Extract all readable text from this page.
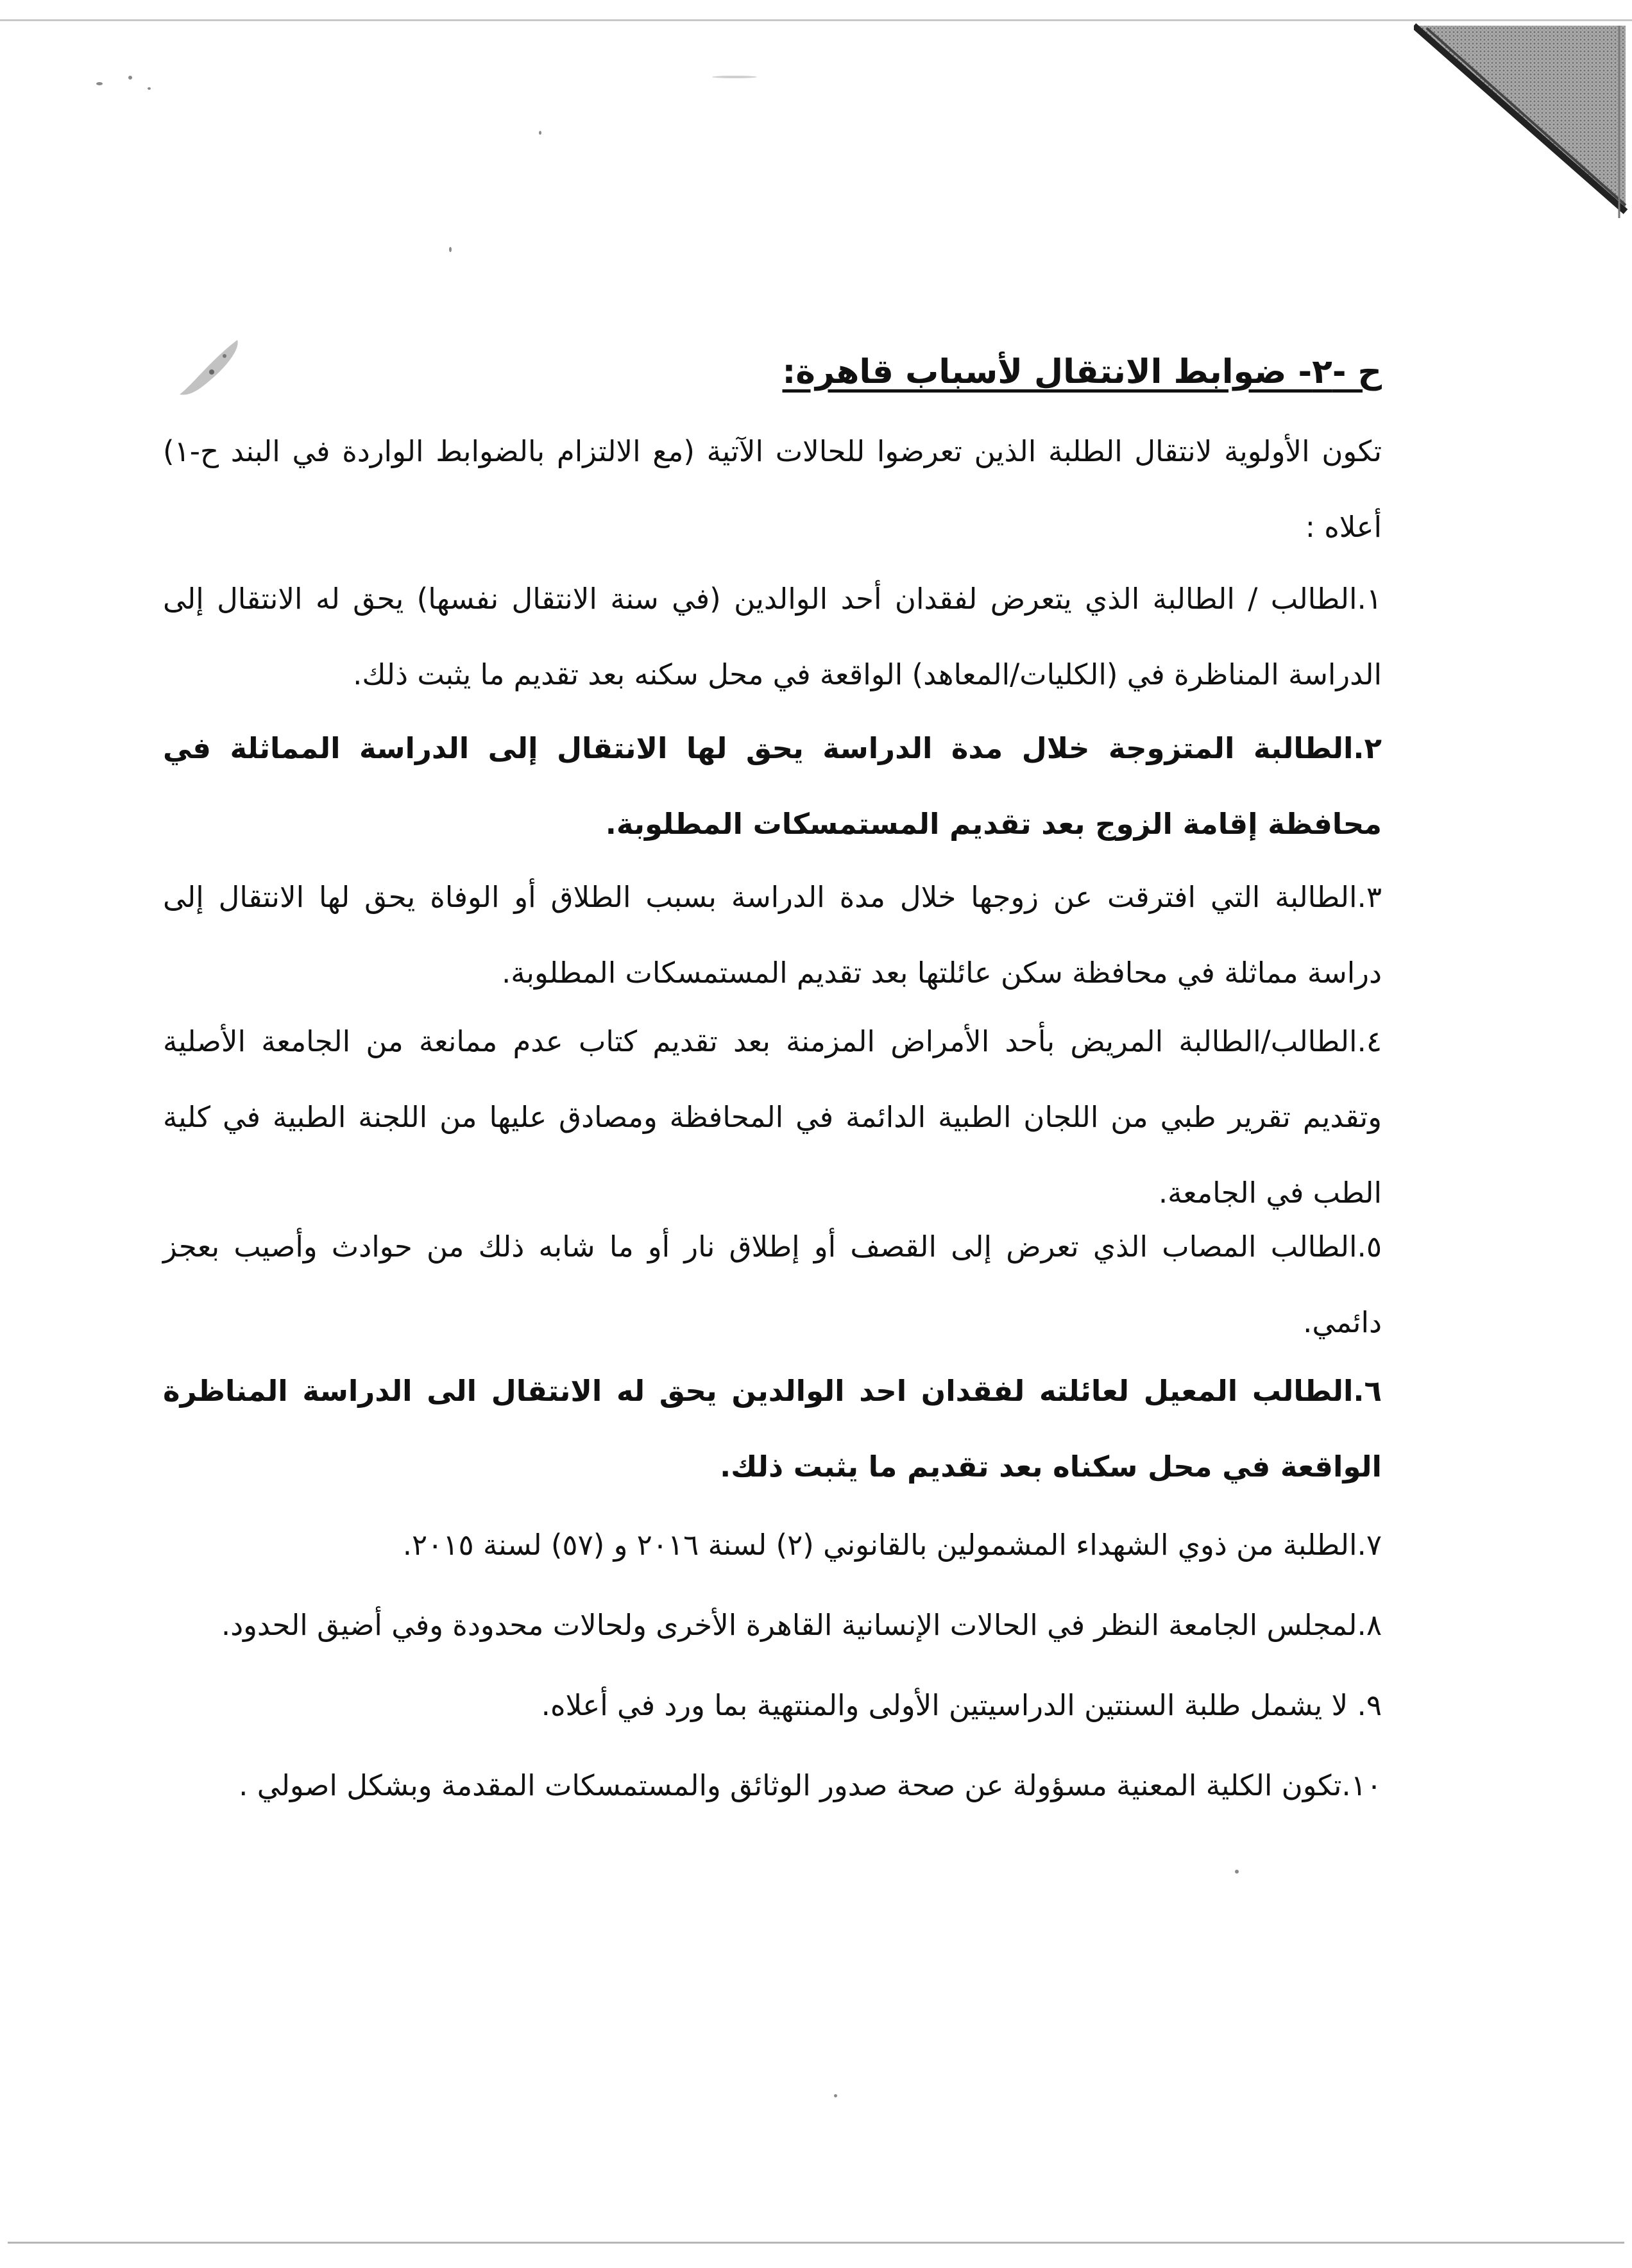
ح -٢- ضوابط الانتقال لأسباب قاهرة:
تكون الأولوية لانتقال الطلبة الذين تعرضوا للحالات الآتية (مع الالتزام بالضوابط الواردة في البند ح-١) أعلاه :
١.الطالب / الطالبة الذي يتعرض لفقدان أحد الوالدين (في سنة الانتقال نفسها) يحق له الانتقال إلى الدراسة المناظرة في (الكليات/المعاهد) الواقعة في محل سكنه بعد تقديم ما يثبت ذلك.
٢.الطالبة المتزوجة خلال مدة الدراسة يحق لها الانتقال إلى الدراسة المماثلة في محافظة إقامة الزوج بعد تقديم المستمسكات المطلوبة.
٣.الطالبة التي افترقت عن زوجها خلال مدة الدراسة بسبب الطلاق أو الوفاة يحق لها الانتقال إلى دراسة مماثلة في محافظة سكن عائلتها بعد تقديم المستمسكات المطلوبة.
٤.الطالب/الطالبة المريض بأحد الأمراض المزمنة بعد تقديم كتاب عدم ممانعة من الجامعة الأصلية وتقديم تقرير طبي من اللجان الطبية الدائمة في المحافظة ومصادق عليها من اللجنة الطبية في كلية الطب في الجامعة.
٥.الطالب المصاب الذي تعرض إلى القصف أو إطلاق نار أو ما شابه ذلك من حوادث وأصيب بعجز دائمي.
٦.الطالب المعيل لعائلته لفقدان احد الوالدين يحق له الانتقال الى الدراسة المناظرة الواقعة في محل سكناه بعد تقديم ما يثبت ذلك.
٧.الطلبة من ذوي الشهداء المشمولين بالقانوني (٢) لسنة ٢٠١٦ و (٥٧) لسنة ٢٠١٥.
٨.لمجلس الجامعة النظر في الحالات الإنسانية القاهرة الأخرى ولحالات محدودة وفي أضيق الحدود.
٩. لا يشمل طلبة السنتين الدراسيتين الأولى والمنتهية بما ورد في أعلاه.
١٠.تكون الكلية المعنية مسؤولة عن صحة صدور الوثائق والمستمسكات المقدمة وبشكل اصولي .
